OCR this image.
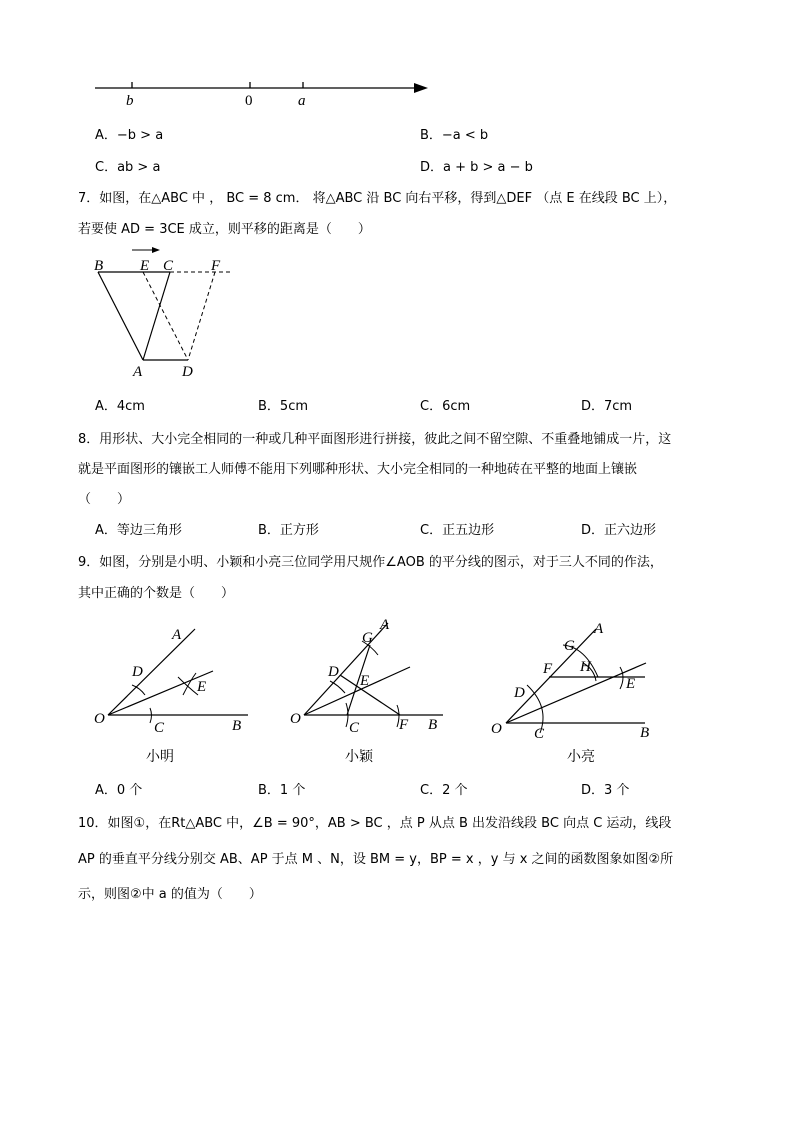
b	0	a
A．−b > a	B．−a < b
C．ab > a	D．a + b > a − b
7．如图，在△ABC 中 ， BC = 8 cm． 将△ABC 沿 BC 向右平移，得到△DEF （点 E 在线段 BC 上），
若要使 AD = 3CE 成立，则平移的距离是（　　）
B E C	F
A	D
A．4cm	B．5cm	C．6cm	D．7cm
8．用形状、大小完全相同的一种或几种平面图形进行拼接，彼此之间不留空隙、不重叠地铺成一片，这
就是平面图形的镶嵌工人师傅不能用下列哪种形状、大小完全相同的一种地砖在平整的地面上镶嵌
（　　）
A．等边三角形	B．正方形	C．正五边形	D．正六边形
9．如图，分别是小明、小颖和小亮三位同学用尺规作∠AOB 的平分线的图示，对于三人不同的作法，
其中正确的个数是（　　）
A
D
E
O
C	B
小明
A
G
D
E
O
C	F B
小颖
A
G
F H
E
D
O C	B
小亮
A．0 个	B．1 个	C．2 个	D．3 个
10．如图①，在Rt△ABC 中，∠B = 90°，AB > BC ，点 P 从点 B 出发沿线段 BC 向点 C 运动，线段
AP 的垂直平分线分别交 AB、AP 于点 M 、N，设 BM = y，BP = x ，y 与 x 之间的函数图象如图②所
示，则图②中 a 的值为（　　）
